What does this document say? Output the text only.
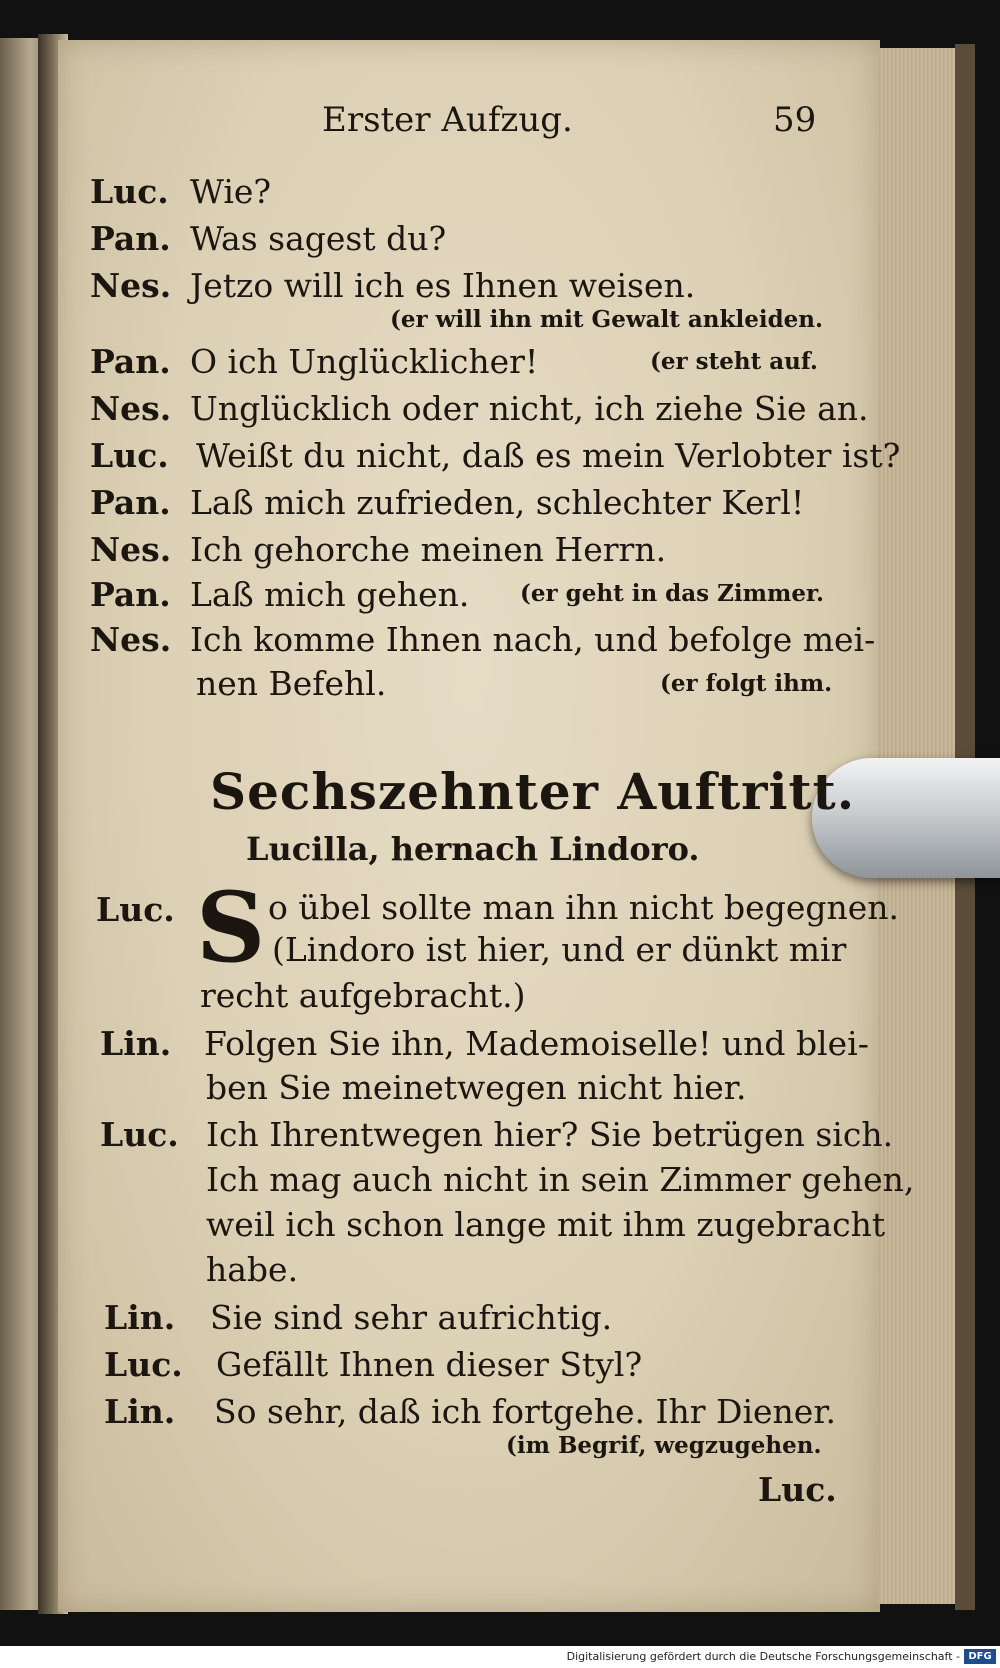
Erster Aufzug.	59
Luc. Wie?
Pan. Was sagest du?
Nes. Jetzo will ich es Ihnen weisen.
(er will ihn mit Gewalt ankleiden.
Pan. O ich Unglücklicher!	(er steht auf.
Nes. Unglücklich oder nicht, ich ziehe Sie an.
Luc. Weißt du nicht, daß es mein Verlobter ist?
Pan. Laß mich zufrieden, schlechter Kerl!
Nes. Ich gehorche meinen Herrn.
Pan. Laß mich gehen. (er geht in das Zimmer.
Nes. Ich komme Ihnen nach, und befolge mei-
nen Befehl.	(er folgt ihm.
Sechszehnter Auftritt.
Lucilla, hernach Lindoro.
Luc. S o übel sollte man ihn nicht begegnen.
(Lindoro ist hier, und er dünkt mir
recht aufgebracht.)
Lin. Folgen Sie ihn, Mademoiselle! und blei-
ben Sie meinetwegen nicht hier.
Luc. Ich Ihrentwegen hier? Sie betrügen sich.
Ich mag auch nicht in sein Zimmer gehen,
weil ich schon lange mit ihm zugebracht
habe.
Lin. Sie sind sehr aufrichtig.
Luc. Gefällt Ihnen dieser Styl?
Lin. So sehr, daß ich fortgehe. Ihr Diener.
(im Begrif, wegzugehen.
Luc.
Digitalisierung gefördert durch die Deutsche Forschungsgemeinschaft - DFG
